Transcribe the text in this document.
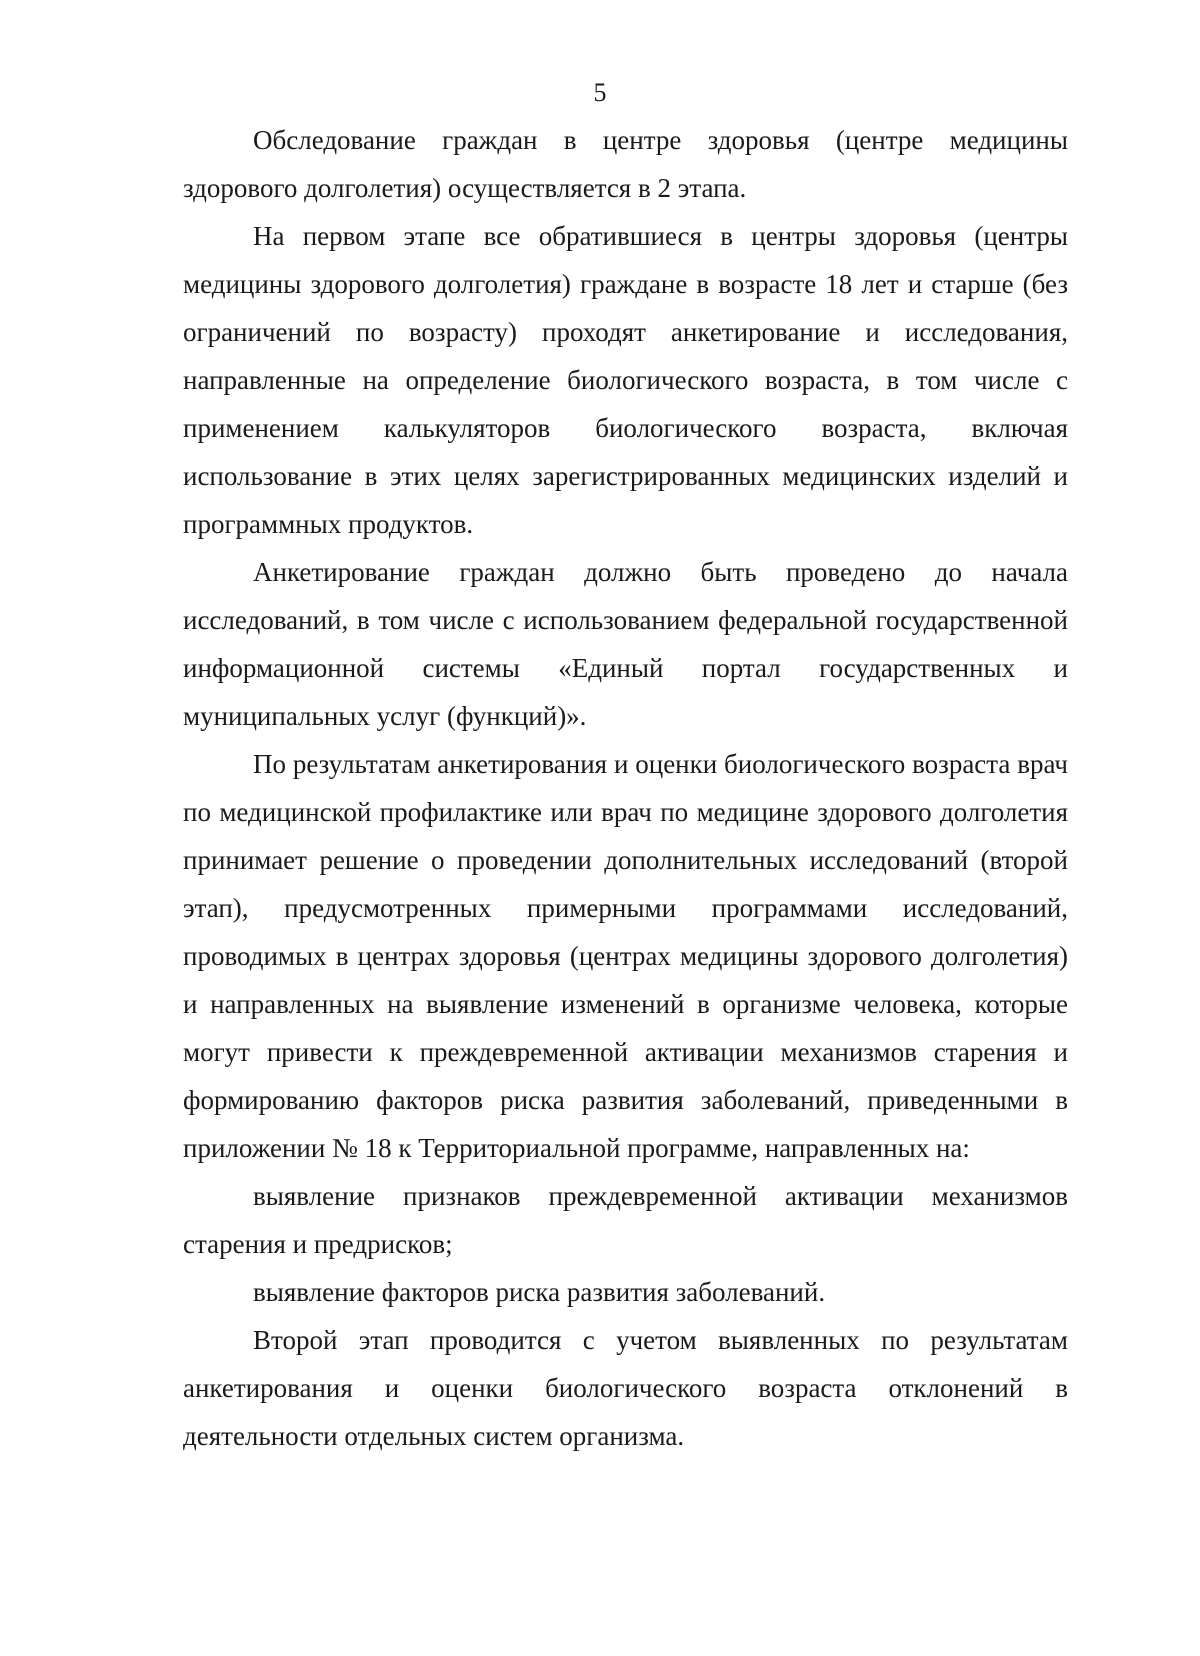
5

Обследование граждан в центре здоровья (центре медицины здорового долголетия) осуществляется в 2 этапа.

На первом этапе все обратившиеся в центры здоровья (центры медицины здорового долголетия) граждане в возрасте 18 лет и старше (без ограничений по возрасту) проходят анкетирование и исследования, направленные на определение биологического возраста, в том числе с применением калькуляторов биологического возраста, включая использование в этих целях зарегистрированных медицинских изделий и программных продуктов.

Анкетирование граждан должно быть проведено до начала исследований, в том числе с использованием федеральной государственной информационной системы «Единый портал государственных и муниципальных услуг (функций)».

По результатам анкетирования и оценки биологического возраста врач по медицинской профилактике или врач по медицине здорового долголетия принимает решение о проведении дополнительных исследований (второй этап), предусмотренных примерными программами исследований, проводимых в центрах здоровья (центрах медицины здорового долголетия) и направленных на выявление изменений в организме человека, которые могут привести к преждевременной активации механизмов старения и формированию факторов риска развития заболеваний, приведенными в приложении № 18 к Территориальной программе, направленных на:

выявление признаков преждевременной активации механизмов старения и предрисков;

выявление факторов риска развития заболеваний.

Второй этап проводится с учетом выявленных по результатам анкетирования и оценки биологического возраста отклонений в деятельности отдельных систем организма.
